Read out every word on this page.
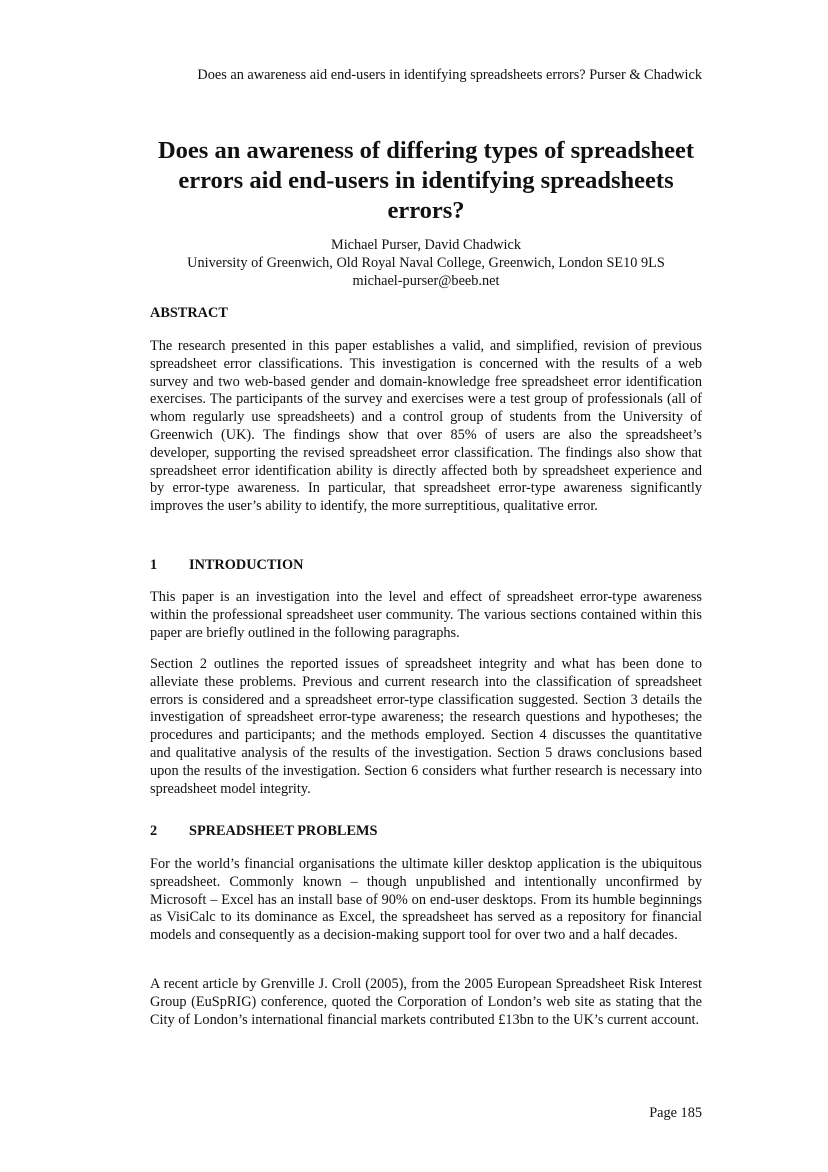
Does an awareness aid end-users in identifying spreadsheets errors? Purser & Chadwick
Does an awareness of differing types of spreadsheet errors aid end-users in identifying spreadsheets errors?
Michael Purser, David Chadwick
University of Greenwich, Old Royal Naval College, Greenwich, London SE10 9LS
michael-purser@beeb.net
ABSTRACT

The research presented in this paper establishes a valid, and simplified, revision of previous spreadsheet error classifications. This investigation is concerned with the results of a web survey and two web-based gender and domain-knowledge free spreadsheet error identification exercises. The participants of the survey and exercises were a test group of professionals (all of whom regularly use spreadsheets) and a control group of students from the University of Greenwich (UK). The findings show that over 85% of users are also the spreadsheet’s developer, supporting the revised spreadsheet error classification. The findings also show that spreadsheet error identification ability is directly affected both by spreadsheet experience and by error-type awareness. In particular, that spreadsheet error-type awareness significantly improves the user’s ability to identify, the more surreptitious, qualitative error.

1 INTRODUCTION

This paper is an investigation into the level and effect of spreadsheet error-type awareness within the professional spreadsheet user community. The various sections contained within this paper are briefly outlined in the following paragraphs.

Section 2 outlines the reported issues of spreadsheet integrity and what has been done to alleviate these problems. Previous and current research into the classification of spreadsheet errors is considered and a spreadsheet error-type classification suggested. Section 3 details the investigation of spreadsheet error-type awareness; the research questions and hypotheses; the procedures and participants; and the methods employed. Section 4 discusses the quantitative and qualitative analysis of the results of the investigation. Section 5 draws conclusions based upon the results of the investigation. Section 6 considers what further research is necessary into spreadsheet model integrity.

2 SPREADSHEET PROBLEMS

For the world’s financial organisations the ultimate killer desktop application is the ubiquitous spreadsheet. Commonly known – though unpublished and intentionally unconfirmed by Microsoft – Excel has an install base of 90% on end-user desktops. From its humble beginnings as VisiCalc to its dominance as Excel, the spreadsheet has served as a repository for financial models and consequently as a decision-making support tool for over two and a half decades.

A recent article by Grenville J. Croll (2005), from the 2005 European Spreadsheet Risk Interest Group (EuSpRIG) conference, quoted the Corporation of London’s web site as stating that the City of London’s international financial markets contributed £13bn to the UK’s current account.

Page 185
